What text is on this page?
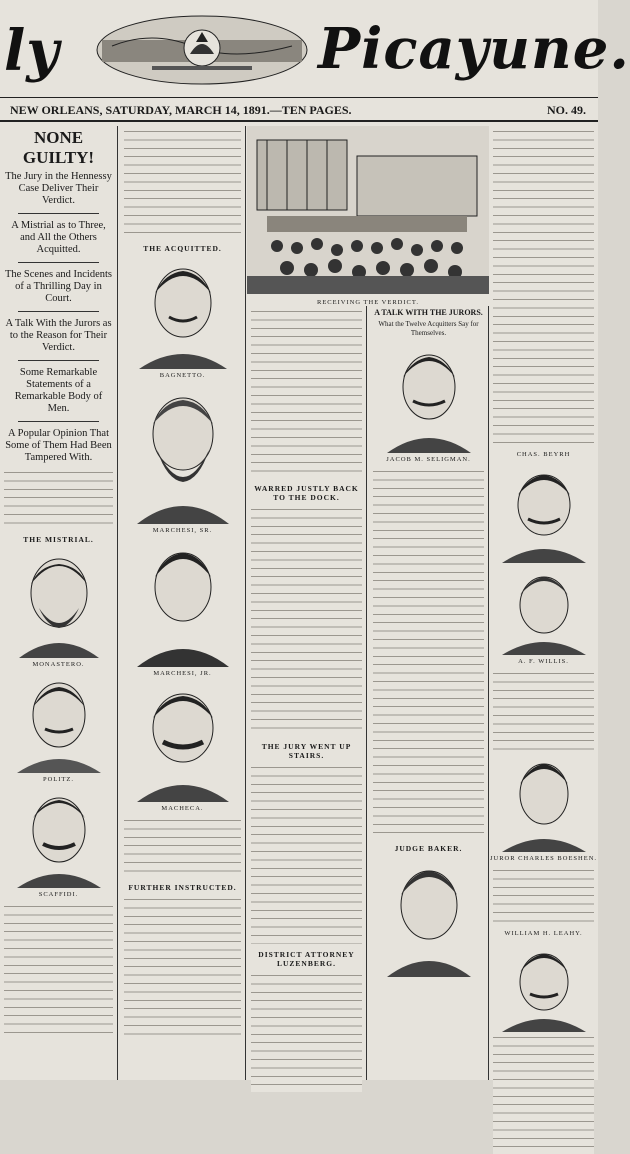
ly	Picayune.
NEW ORLEANS, SATURDAY, MARCH 14, 1891.—TEN PAGES.	NO. 49.
NONE GUILTY!
The Jury in the Hennessy Case Deliver Their Verdict.
A Mistrial as to Three, and All the Others Acquitted.
The Scenes and Incidents of a Thrilling Day in Court.
A Talk With the Jurors as to the Reason for Their Verdict.
Some Remarkable Statements of a Remarkable Body of Men.
A Popular Opinion That Some of Them Had Been Tampered With.
THE MISTRIAL.
MONASTERO.
POLITZ.
SCAFFIDI.
THE ACQUITTED.
BAGNETTO.
MARCHESI, SR.
MARCHESI, JR.
MACHECA.
FURTHER INSTRUCTED.
RECEIVING THE VERDICT.
WARRED JUSTLY BACK TO THE DOCK.
THE JURY WENT UP STAIRS.
DISTRICT ATTORNEY LUZENBERG.
A TALK WITH THE JURORS.
What the Twelve Acquitters Say for Themselves.
JACOB M. SELIGMAN.
JUDGE BAKER.
CHAS. BEYRH
A. F. WILLIS.
JUROR CHARLES BOESHEN.
WILLIAM H. LEAHY.
